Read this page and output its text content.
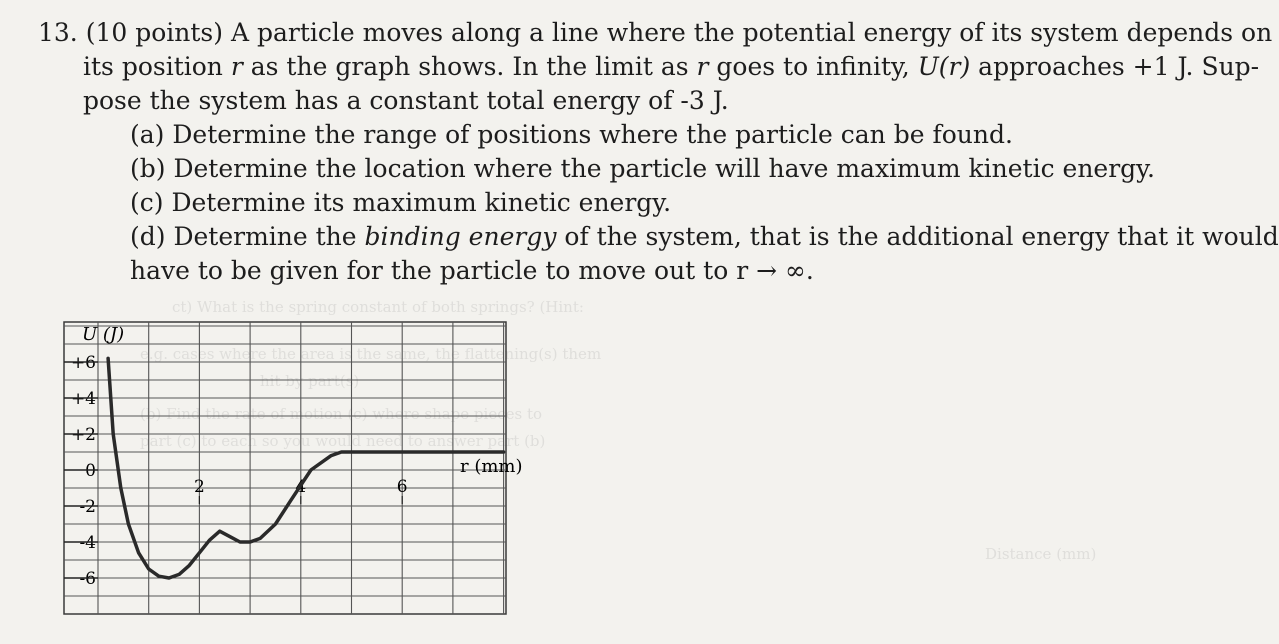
ct) What is the spring constant of both springs? (Hint:
e.g. cases where the area is the same, the flattening(s) them
hit by part(s)
(b) Find the rate of motion (c) where shape pieces to
part (c) to each so you would need to answer part (b)
Distance (mm)
13. (10 points) A particle moves along a line where the potential energy of its system depends on
its position r as the graph shows. In the limit as r goes to infinity, U(r) approaches +1 J. Sup-
pose the system has a constant total energy of -3 J.
(a) Determine the range of positions where the particle can be found.
(b) Determine the location where the particle will have maximum kinetic energy.
(c) Determine its maximum kinetic energy.
(d) Determine the binding energy of the system, that is the additional energy that it would
have to be given for the particle to move out to r → ∞.
+6
+4
+2
0
-2
-4
-6
2	4	6
U (J)
r (mm)
